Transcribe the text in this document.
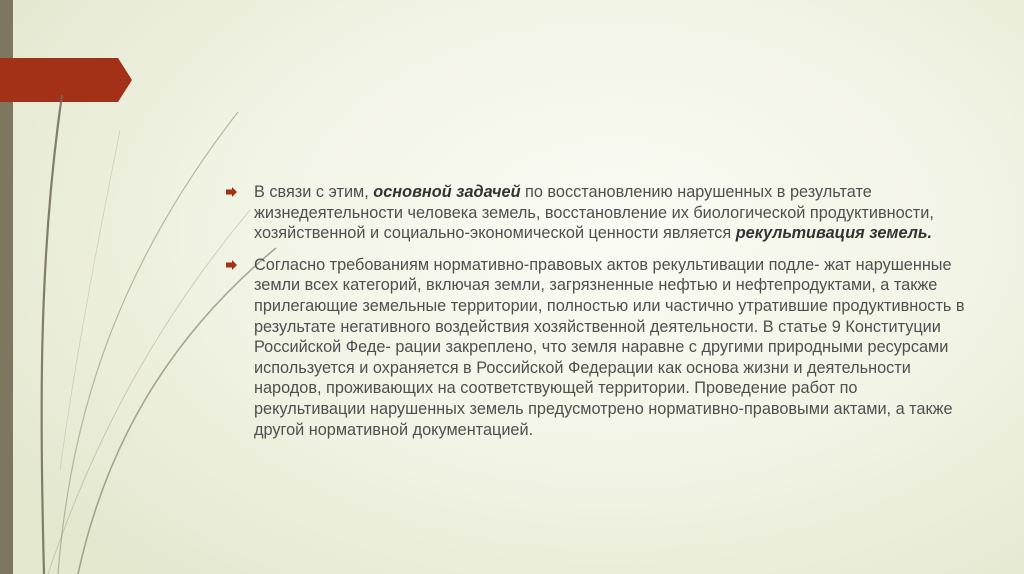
В связи с этим, основной задачей по восстановлению нарушенных в результате жизнедеятельности человека земель, восстановление их биологической продуктивности, хозяйственной и социально-экономической ценности является рекультивация земель.
Согласно требованиям нормативно-правовых актов рекультивации подле- жат нарушенные земли всех категорий, включая земли, загрязненные нефтью и нефтепродуктами, а также прилегающие земельные территории, полностью или частично утратившие продуктивность в результате негативного воздействия хозяйственной деятельности. В статье 9 Конституции Российской Феде- рации закреплено, что земля наравне с другими природными ресурсами используется и охраняется в Российской Федерации как основа жизни и деятельности народов, проживающих на соответствующей территории. Проведение работ по рекультивации нарушенных земель предусмотрено нормативно-правовыми актами, а также другой нормативной документацией.
